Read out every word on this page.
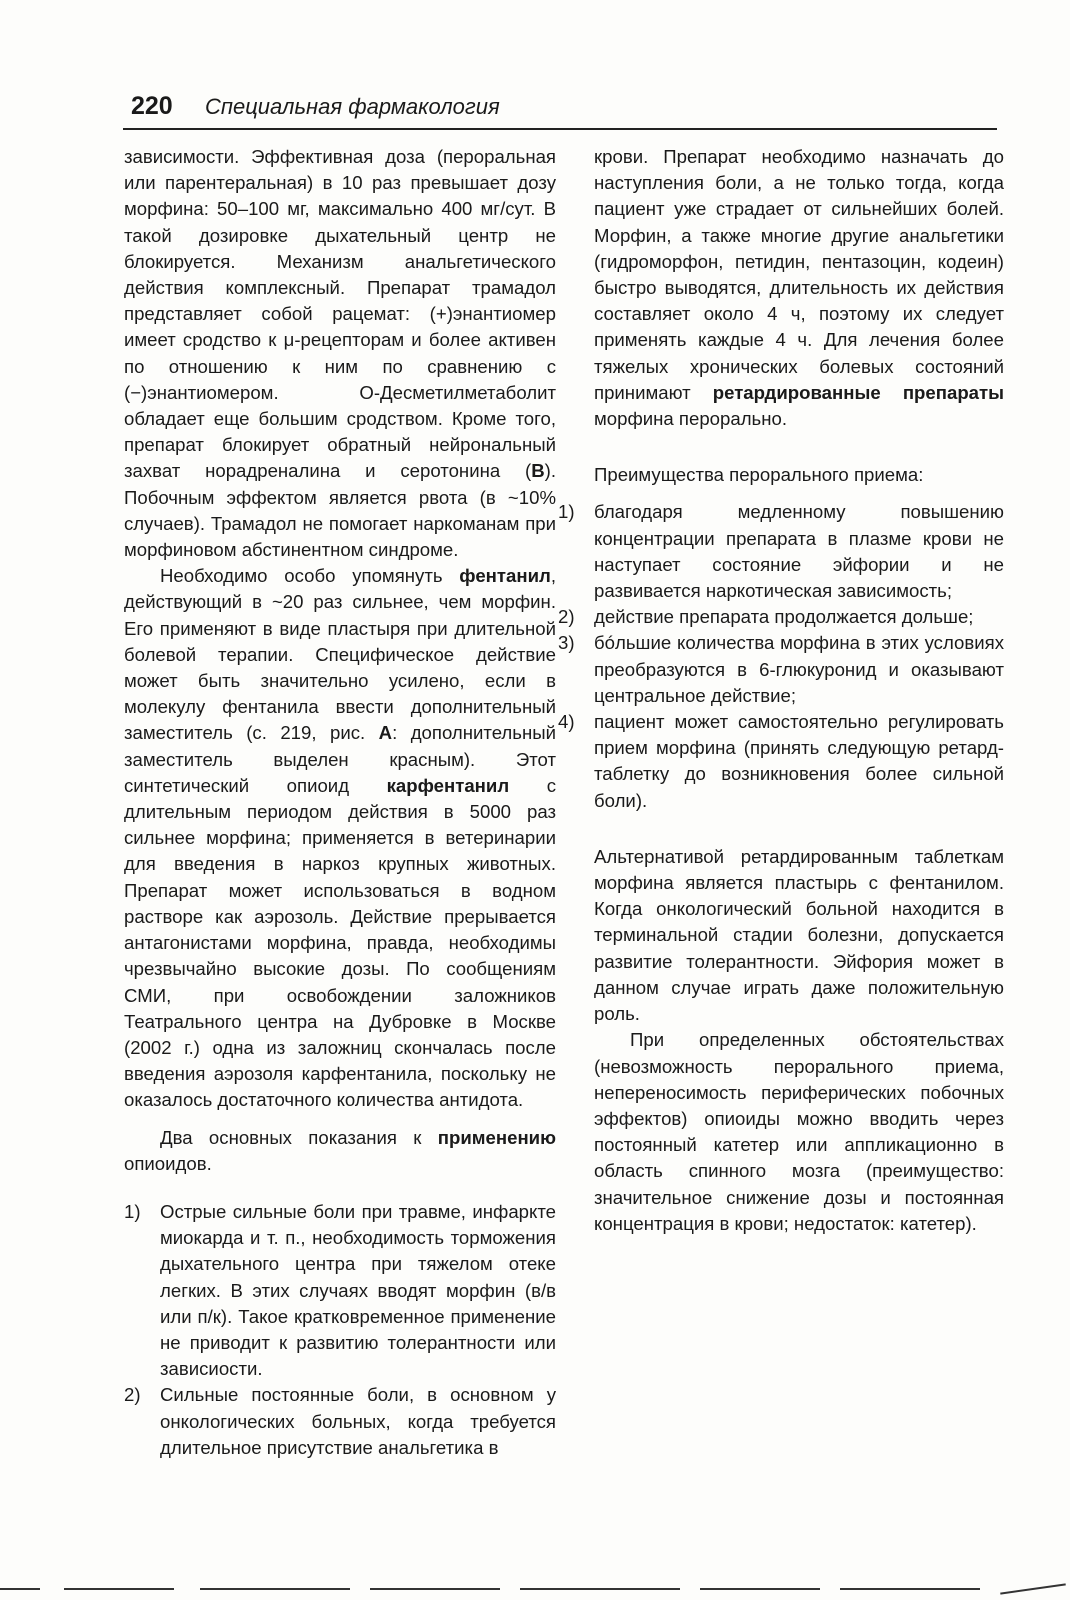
220 Специальная фармакология

зависимости. Эффективная доза (пероральная или парентеральная) в 10 раз превышает дозу морфина: 50–100 мг, максимально 400 мг/сут. В такой дозировке дыхательный центр не блокируется. Механизм анальгетического действия комплексный. Препарат трамадол представляет собой рацемат: (+)энантиомер имеет сродство к μ-рецепторам и более активен по отношению к ним по сравнению с (−)энантиомером. О-Десметилметаболит обладает еще большим сродством. Кроме того, препарат блокирует обратный нейрональный захват норадреналина и серотонина (B). Побочным эффектом является рвота (в ~10% случаев). Трамадол не помогает наркоманам при морфиновом абстинентном синдроме.

Необходимо особо упомянуть фентанил, действующий в ~20 раз сильнее, чем морфин. Его применяют в виде пластыря при длительной болевой терапии. Специфическое действие может быть значительно усилено, если в молекулу фентанила ввести дополнительный заместитель (с. 219, рис. A: дополнительный заместитель выделен красным). Этот синтетический опиоид карфентанил с длительным периодом действия в 5000 раз сильнее морфина; применяется в ветеринарии для введения в наркоз крупных животных. Препарат может использоваться в водном растворе как аэрозоль. Действие прерывается антагонистами морфина, правда, необходимы чрезвычайно высокие дозы. По сообщениям СМИ, при освобождении заложников Театрального центра на Дубровке в Москве (2002 г.) одна из заложниц скончалась после введения аэрозоля карфентанила, поскольку не оказалось достаточного количества антидота.

Два основных показания к применению опиоидов.

1) Острые сильные боли при травме, инфаркте миокарда и т. п., необходимость торможения дыхательного центра при тяжелом отеке легких. В этих случаях вводят морфин (в/в или п/к). Такое кратковременное применение не приводит к развитию толерантности или зависиости.
2) Сильные постоянные боли, в основном у онкологических больных, когда требуется длительное присутствие анальгетика в

крови. Препарат необходимо назначать до наступления боли, а не только тогда, когда пациент уже страдает от сильнейших болей. Морфин, а также многие другие анальгетики (гидроморфон, петидин, пентазоцин, кодеин) быстро выводятся, длительность их действия составляет около 4 ч, поэтому их следует применять каждые 4 ч. Для лечения более тяжелых хронических болевых состояний принимают ретардированные препараты морфина перорально.

Преимущества перорального приема:

1) благодаря медленному повышению концентрации препарата в плазме крови не наступает состояние эйфории и не развивается наркотическая зависимость;
2) действие препарата продолжается дольше;
3) бóльшие количества морфина в этих условиях преобразуются в 6-глюкуронид и оказывают центральное действие;
4) пациент может самостоятельно регулировать прием морфина (принять следующую ретард-таблетку до возникновения более сильной боли).

Альтернативой ретардированным таблеткам морфина является пластырь с фентанилом. Когда онкологический больной находится в терминальной стадии болезни, допускается развитие толерантности. Эйфория может в данном случае играть даже положительную роль.

При определенных обстоятельствах (невозможность перорального приема, непереносимость периферических побочных эффектов) опиоиды можно вводить через постоянный катетер или аппликационно в область спинного мозга (преимущество: значительное снижение дозы и постоянная концентрация в крови; недостаток: катетер).
